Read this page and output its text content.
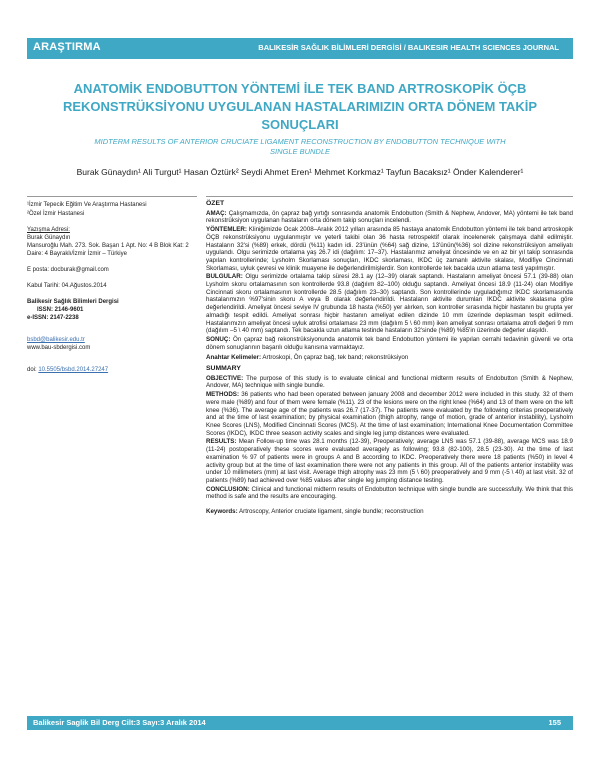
ARAŞTIRMA	BALIKESİR SAĞLIK BİLİMLERİ DERGİSİ / BALIKESIR HEALTH SCIENCES JOURNAL
ANATOMİK ENDOBUTTON YÖNTEMİ İLE TEK BAND ARTROSKOPİK ÖÇB REKONSTRÜKSİYONU UYGULANAN HASTALARIMIZIN ORTA DÖNEM TAKİP SONUÇLARI
MIDTERM RESULTS OF ANTERIOR CRUCIATE LIGAMENT RECONSTRUCTION BY ENDOBUTTON TECHNIQUE WITH SINGLE BUNDLE
Burak Günaydın¹ Ali Turgut¹ Hasan Öztürk² Seydi Ahmet Eren¹ Mehmet Korkmaz¹ Tayfun Bacaksız¹ Önder Kalenderer¹
¹İzmir Tepecik Eğitim Ve Araştırma Hastanesi
²Özel İzmir Hastanesi
Yazışma Adresi:
Burak Günaydın
Mansuroğlu Mah. 273. Sok. Başarı 1 Apt. No: 4 B Blok Kat: 2 Daire: 4 Bayraklı/İzmir İzmir – Türkiye
E posta: docburak@gmail.com
Kabul Tarihi: 04.Ağustos.2014
Balikesir Sağlık Bilimleri Dergisi
ISSN: 2146-9601
e-ISSN: 2147-2238
bsbd@balikesir.edu.tr
www.bau-sbdergisi.com
doi: 10.5505/bsbd.2014.27247
ÖZET

AMAÇ: Çalışmamızda, ön çapraz bağ yırtığı sonrasında anatomik Endobutton (Smith & Nephew, Andover, MA) yöntemi ile tek band rekonstrüksiyon uygulanan hastaların orta dönem takip sonuçları incelendi.

YÖNTEMLER: Kliniğimizde Ocak 2008–Aralık 2012 yılları arasında 85 hastaya anatomik Endobutton yöntemi ile tek band artroskopik ÖÇB rekonstrüksiyonu uygulanmıştır ve yeterli takibi olan 36 hasta retrospektif olarak incelenerek çalışmaya dahil edilmiştir. Hastaların 32'si (%89) erkek, dördü (%11) kadın idi. 23'ünün (%64) sağ dizine, 13'ünün(%36) sol dizine rekonstrüksiyon ameliyatı uygulandı. Olgu serimizde ortalama yaş 26.7 idi (dağılım: 17–37). Hastalarımız ameliyat öncesinde ve en az bir yıl takip sonrasında yapılan kontrollerinde; Lysholm Skorlaması sonuçları, IKDC skorlaması, IKDC üç zamanlı aktivite skalası, Modifiye Cincinnati Skorlaması, uyluk çevresi ve klinik muayene ile değerlendirilmişlerdir. Son kontrollerde tek bacakla uzun atlama testi yapılmıştır.

BULGULAR: Olgu serimizde ortalama takip süresi 28.1 ay (12–39) olarak saptandı. Hastaların ameliyat öncesi 57.1 (39-88) olan Lysholm skoru ortalamasının son kontrollerde 93.8 (dağılım 82–100) olduğu saptandı. Ameliyat öncesi 18.9 (11-24) olan Modifiye Cincinnati skoru ortalamasının kontrollerde 28.5 (dağılım 23–30) saptandı. Son kontrollerinde uyguladığımız IKDC skorlamasında hastalarımızın %97'sinin skoru A veya B olarak değerlendirildi. Hastaların aktivite durumları IKDC aktivite skalasına göre değerlendirildi. Ameliyat öncesi seviye IV grubunda 18 hasta (%50) yer alırken, son kontroller sırasında hiçbir hastanın bu grupta yer almadığı tespit edildi. Ameliyat sonrası hiçbir hastanın ameliyat edilen dizinde 10 mm üzerinde deplasman tespit edilmedi. Hastalarımızın ameliyat öncesi uyluk atrofisi ortalaması 23 mm (dağılım 5 \ 60 mm) iken ameliyat sonrası ortalama atrofi değeri 9 mm (dağılım –5 \ 40 mm) saptandı. Tek bacakla uzun atlama testinde hastaların 32'sinde (%89) %85'in üzerinde değerler ulaşıldı.

SONUÇ: Ön çapraz bağ rekonstrüksiyonunda anatomik tek band Endobutton yöntemi ile yapılan cerrahi tedavinin güvenli ve orta dönem sonuçlarının başarılı olduğu kanısına varmaktayız.

Anahtar Kelimeler: Artroskopi, Ön çapraz bağ, tek band; rekonstrüksiyon

SUMMARY

OBJECTIVE: The purpose of this study is to evaluate clinical and functional midterm results of Endobutton (Smith & Nephew, Andover, MA) technique with single bundle.

METHODS: 36 patients who had been operated between january 2008 and december 2012 were included in this study. 32 of them were male (%89) and four of them were female (%11). 23 of the lesions were on the right knee (%64) and 13 of them were on the left knee (%36). The average age of the patients was 26.7 (17-37). The patients were evaluated by the following criterias preoperatively and at the time of last examination; by physical examination (thigh atrophy, range of motion, grade of anterior instability), Lysholm Knee Scores (LNS), Modified Cincinnati Scores (MCS). At the time of last examination; International Knee Documentation Committee Scores (IKDC), IKDC three season activity scales and single leg jump distances were evaluated.

RESULTS: Mean Follow-up time was 28.1 months (12-39), Preoperatively; average LNS was 57.1 (39-88), average MCS was 18.9 (11-24) postoperatively these scores were evaluated averagely as following; 93.8 (82-100), 28.5 (23-30). At the time of last examination % 97 of patients were in groups A and B according to IKDC. Preoperatively there were 18 patients (%50) in level 4 activity group but at the time of last examination there were not any patients in this group. All of the patients anterior instability was under 10 millimeters (mm) at last visit. Average thigh atrophy was 23 mm (5 \ 60) preoperatively and 9 mm (-5 \ 40) at last visit. 32 of patients (%89) had achieved over %85 values after single leg jumping distance testing.

CONCLUSION: Clinical and functional midterm results of Endobutton technique with single bundle are successfully. We think that this method is safe and the results are encouraging.

Keywords: Artroscopy, Anterior cruciate ligament, single bundle; reconstruction

Balikesir Saglik Bil Derg Cilt:3 Sayı:3 Aralık 2014	155
